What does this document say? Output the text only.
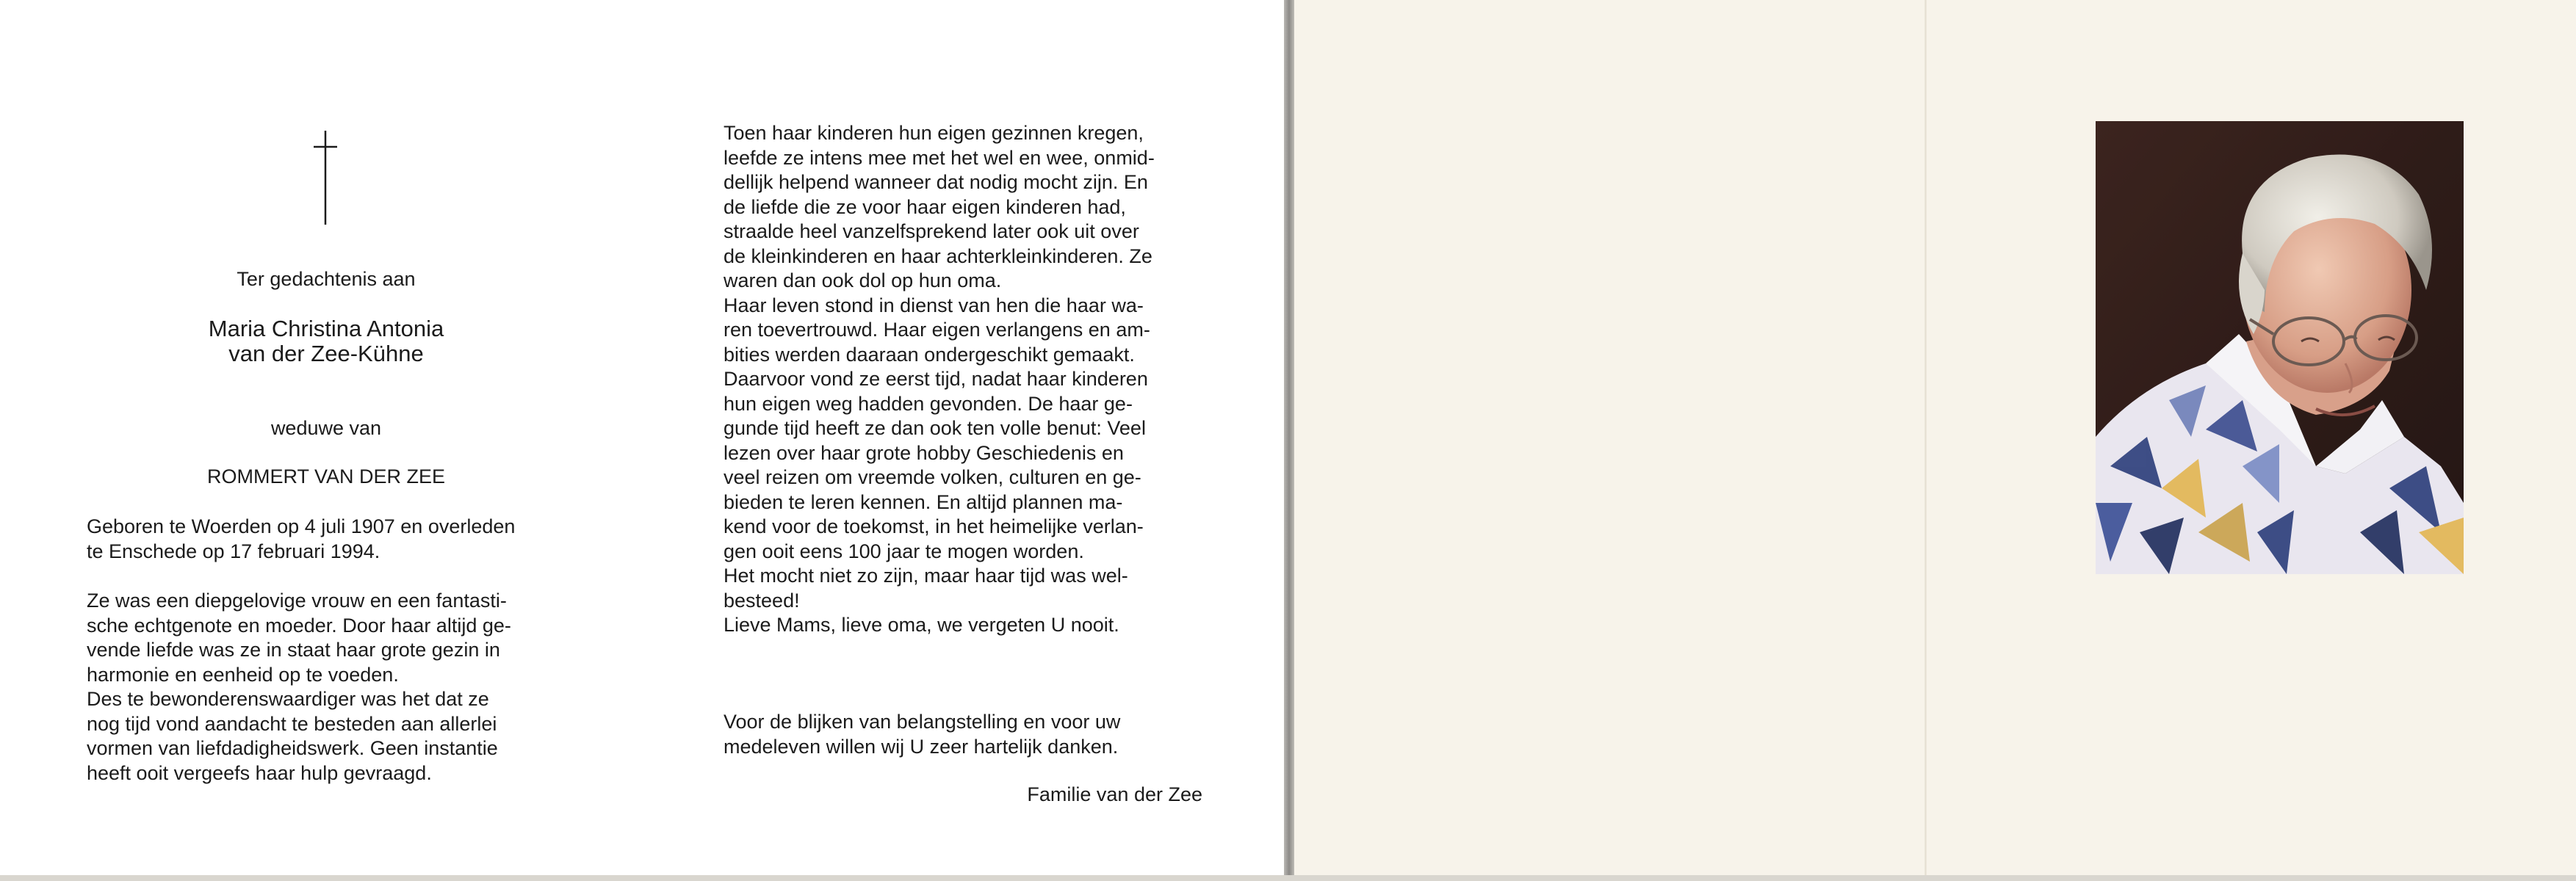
Ter gedachtenis aan
Maria Christina Antonia
van der Zee-Kühne
weduwe van
ROMMERT VAN DER ZEE
Geboren te Woerden op 4 juli 1907 en overleden
te Enschede op 17 februari 1994.
Ze was een diepgelovige vrouw en een fantasti-
sche echtgenote en moeder. Door haar altijd ge-
vende liefde was ze in staat haar grote gezin in
harmonie en eenheid op te voeden.
Des te bewonderenswaardiger was het dat ze
nog tijd vond aandacht te besteden aan allerlei
vormen van liefdadigheidswerk. Geen instantie
heeft ooit vergeefs haar hulp gevraagd.
Toen haar kinderen hun eigen gezinnen kregen,
leefde ze intens mee met het wel en wee, onmid-
dellijk helpend wanneer dat nodig mocht zijn. En
de liefde die ze voor haar eigen kinderen had,
straalde heel vanzelfsprekend later ook uit over
de kleinkinderen en haar achterkleinkinderen. Ze
waren dan ook dol op hun oma.
Haar leven stond in dienst van hen die haar wa-
ren toevertrouwd. Haar eigen verlangens en am-
bities werden daaraan ondergeschikt gemaakt.
Daarvoor vond ze eerst tijd, nadat haar kinderen
hun eigen weg hadden gevonden. De haar ge-
gunde tijd heeft ze dan ook ten volle benut: Veel
lezen over haar grote hobby Geschiedenis en
veel reizen om vreemde volken, culturen en ge-
bieden te leren kennen. En altijd plannen ma-
kend voor de toekomst, in het heimelijke verlan-
gen ooit eens 100 jaar te mogen worden.
Het mocht niet zo zijn, maar haar tijd was wel-
besteed!
Lieve Mams, lieve oma, we vergeten U nooit.
Voor de blijken van belangstelling en voor uw
medeleven willen wij U zeer hartelijk danken.
Familie van der Zee
